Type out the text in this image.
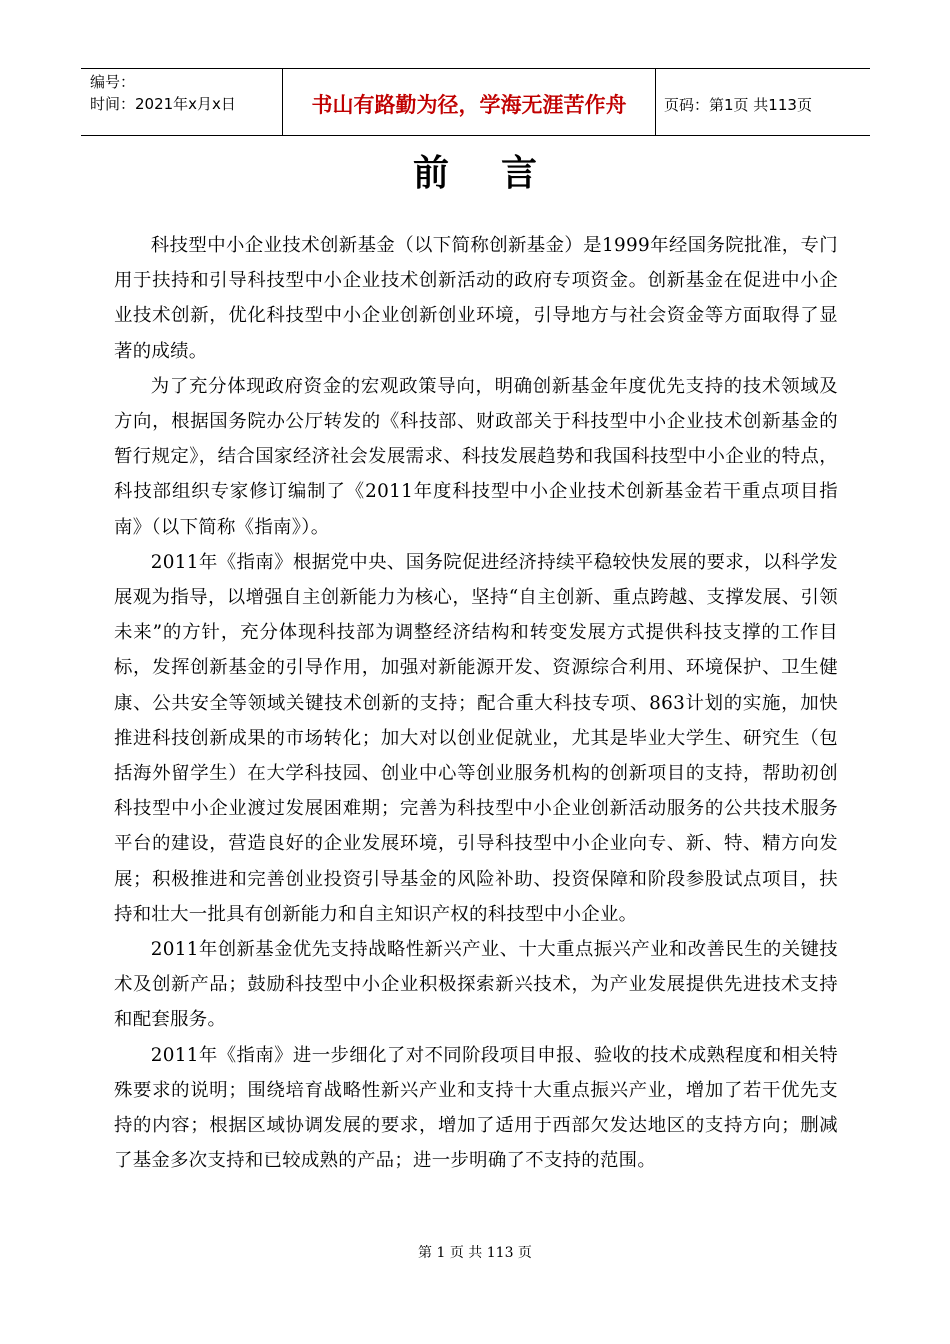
编号：
时间：2021年x月x日	书山有路勤为径，学海无涯苦作舟	页码：第1页 共113页
前言

科技型中小企业技术创新基金（以下简称创新基金）是1999年经国务院批准，专门用于扶持和引导科技型中小企业技术创新活动的政府专项资金。创新基金在促进中小企业技术创新，优化科技型中小企业创新创业环境，引导地方与社会资金等方面取得了显著的成绩。

为了充分体现政府资金的宏观政策导向，明确创新基金年度优先支持的技术领域及方向，根据国务院办公厅转发的《科技部、财政部关于科技型中小企业技术创新基金的暂行规定》，结合国家经济社会发展需求、科技发展趋势和我国科技型中小企业的特点，科技部组织专家修订编制了《2011年度科技型中小企业技术创新基金若干重点项目指南》（以下简称《指南》）。

2011年《指南》根据党中央、国务院促进经济持续平稳较快发展的要求，以科学发展观为指导，以增强自主创新能力为核心，坚持“自主创新、重点跨越、支撑发展、引领未来”的方针，充分体现科技部为调整经济结构和转变发展方式提供科技支撑的工作目标，发挥创新基金的引导作用，加强对新能源开发、资源综合利用、环境保护、卫生健康、公共安全等领域关键技术创新的支持；配合重大科技专项、863计划的实施，加快推进科技创新成果的市场转化；加大对以创业促就业，尤其是毕业大学生、研究生（包括海外留学生）在大学科技园、创业中心等创业服务机构的创新项目的支持，帮助初创科技型中小企业渡过发展困难期；完善为科技型中小企业创新活动服务的公共技术服务平台的建设，营造良好的企业发展环境，引导科技型中小企业向专、新、特、精方向发展；积极推进和完善创业投资引导基金的风险补助、投资保障和阶段参股试点项目，扶持和壮大一批具有创新能力和自主知识产权的科技型中小企业。

2011年创新基金优先支持战略性新兴产业、十大重点振兴产业和改善民生的关键技术及创新产品；鼓励科技型中小企业积极探索新兴技术，为产业发展提供先进技术支持和配套服务。

2011年《指南》进一步细化了对不同阶段项目申报、验收的技术成熟程度和相关特殊要求的说明；围绕培育战略性新兴产业和支持十大重点振兴产业，增加了若干优先支持的内容；根据区域协调发展的要求，增加了适用于西部欠发达地区的支持方向；删减了基金多次支持和已较成熟的产品；进一步明确了不支持的范围。

第 1 页 共 113 页
